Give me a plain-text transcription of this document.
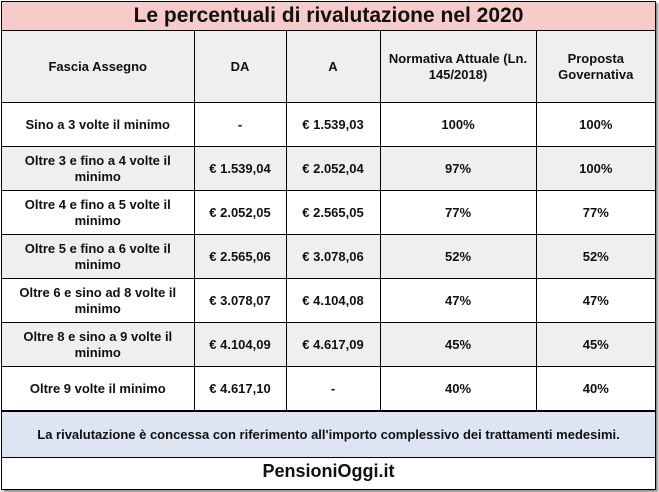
Le percentuali di rivalutazione nel 2020
Fascia Assegno	DA	A	Normativa Attuale (Ln. 145/2018)	Proposta Governativa
Sino a 3 volte il minimo	-	€ 1.539,03	100%	100%
Oltre 3 e fino a 4 volte il minimo	€ 1.539,04	€ 2.052,04	97%	100%
Oltre 4 e fino a 5 volte il minimo	€ 2.052,05	€ 2.565,05	77%	77%
Oltre 5 e fino a 6 volte il minimo	€ 2.565,06	€ 3.078,06	52%	52%
Oltre 6 e sino ad 8 volte il minimo	€ 3.078,07	€ 4.104,08	47%	47%
Oltre 8 e sino a 9 volte il minimo	€ 4.104,09	€ 4.617,09	45%	45%
Oltre 9 volte il minimo	€ 4.617,10	-	40%	40%
La rivalutazione è concessa con riferimento all'importo complessivo dei trattamenti medesimi.
PensioniOggi.it
